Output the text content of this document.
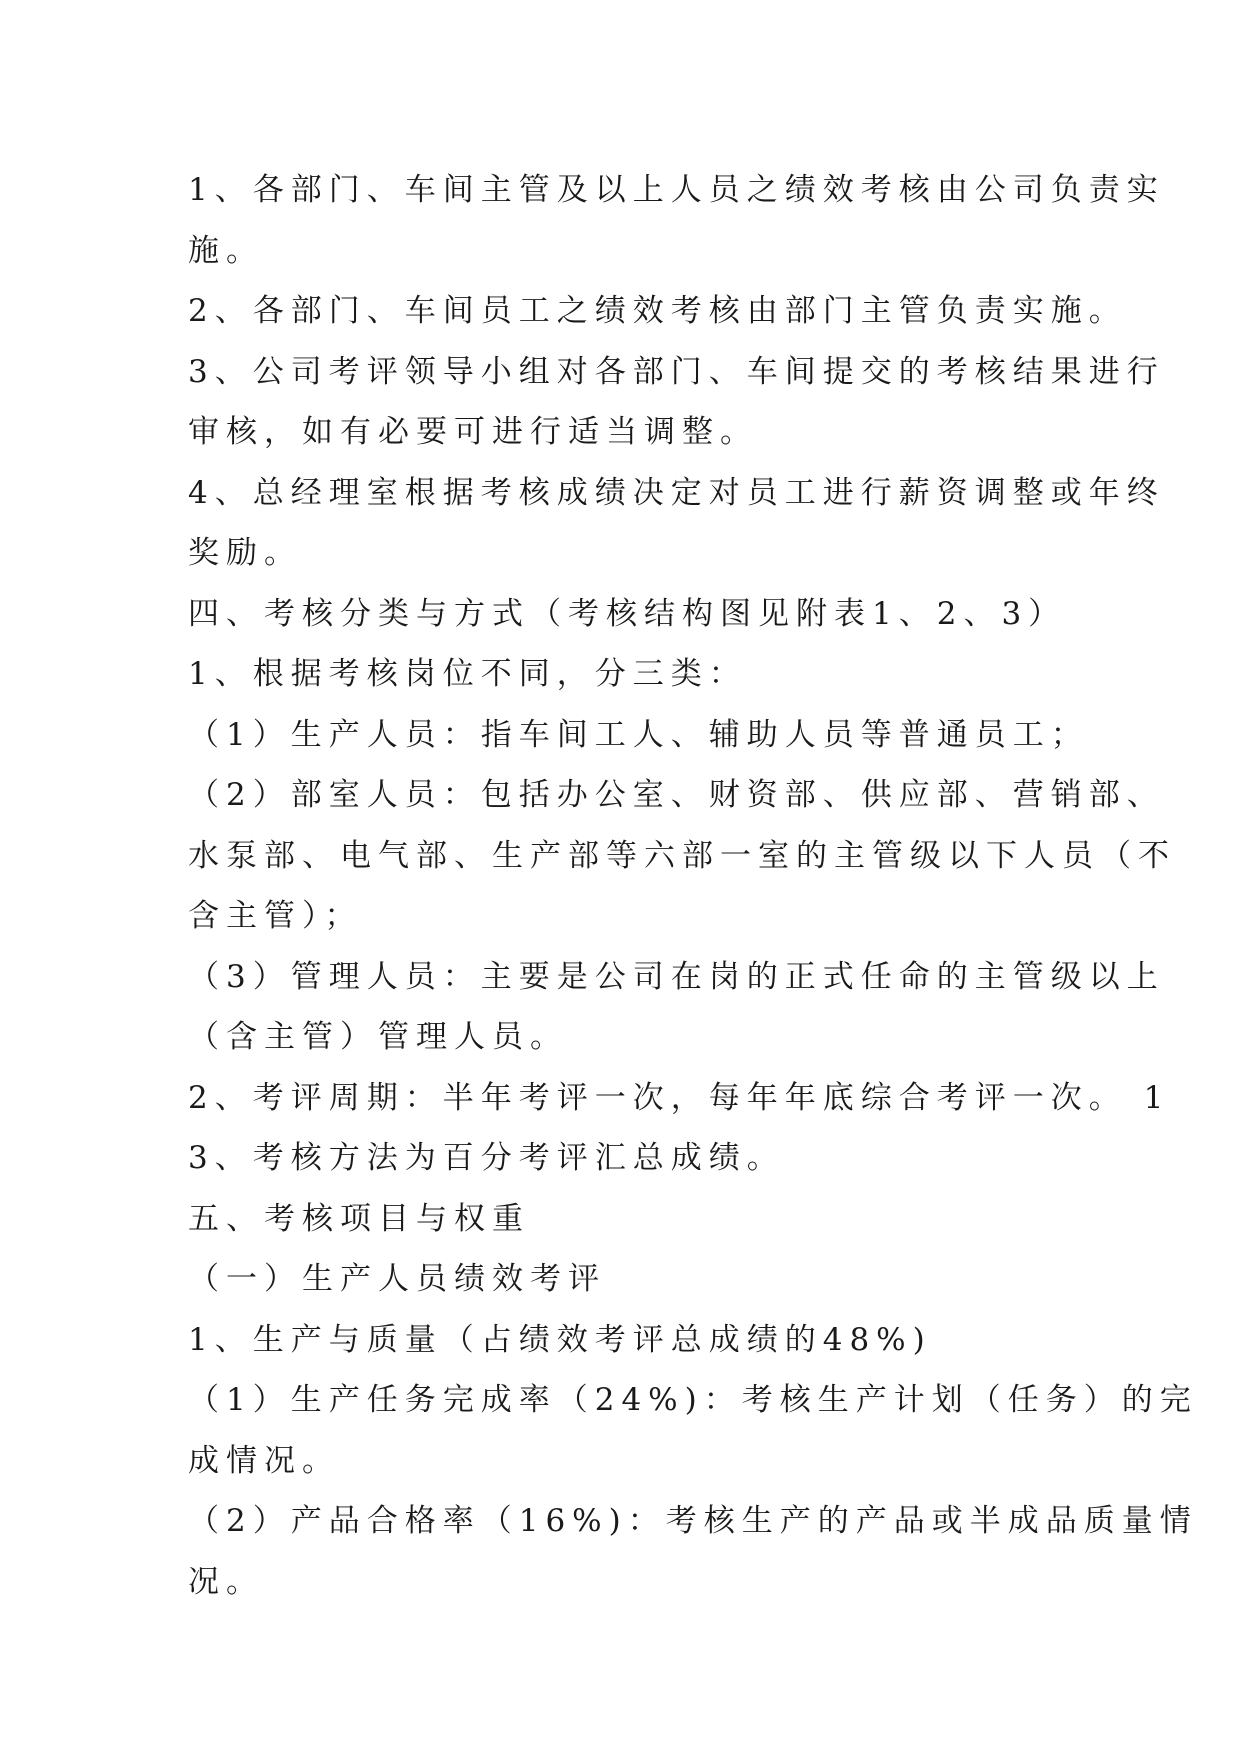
1、各部门、车间主管及以上人员之绩效考核由公司负责实
施。
2、各部门、车间员工之绩效考核由部门主管负责实施。
3、公司考评领导小组对各部门、车间提交的考核结果进行
审核，如有必要可进行适当调整。
4、总经理室根据考核成绩决定对员工进行薪资调整或年终
奖励。
四、考核分类与方式（考核结构图见附表1、2、3）
1、根据考核岗位不同，分三类：
（1）生产人员：指车间工人、辅助人员等普通员工；
（2）部室人员：包括办公室、财资部、供应部、营销部、
水泵部、电气部、生产部等六部一室的主管级以下人员（不
含主管）；
（3）管理人员：主要是公司在岗的正式任命的主管级以上
（含主管）管理人员。
2、考评周期：半年考评一次，每年年底综合考评一次。 1
3、考核方法为百分考评汇总成绩。
五、考核项目与权重
（一）生产人员绩效考评
1、生产与质量（占绩效考评总成绩的48%)
（1）生产任务完成率（24%)：考核生产计划（任务）的完
成情况。
（2）产品合格率（16%)：考核生产的产品或半成品质量情
况。
